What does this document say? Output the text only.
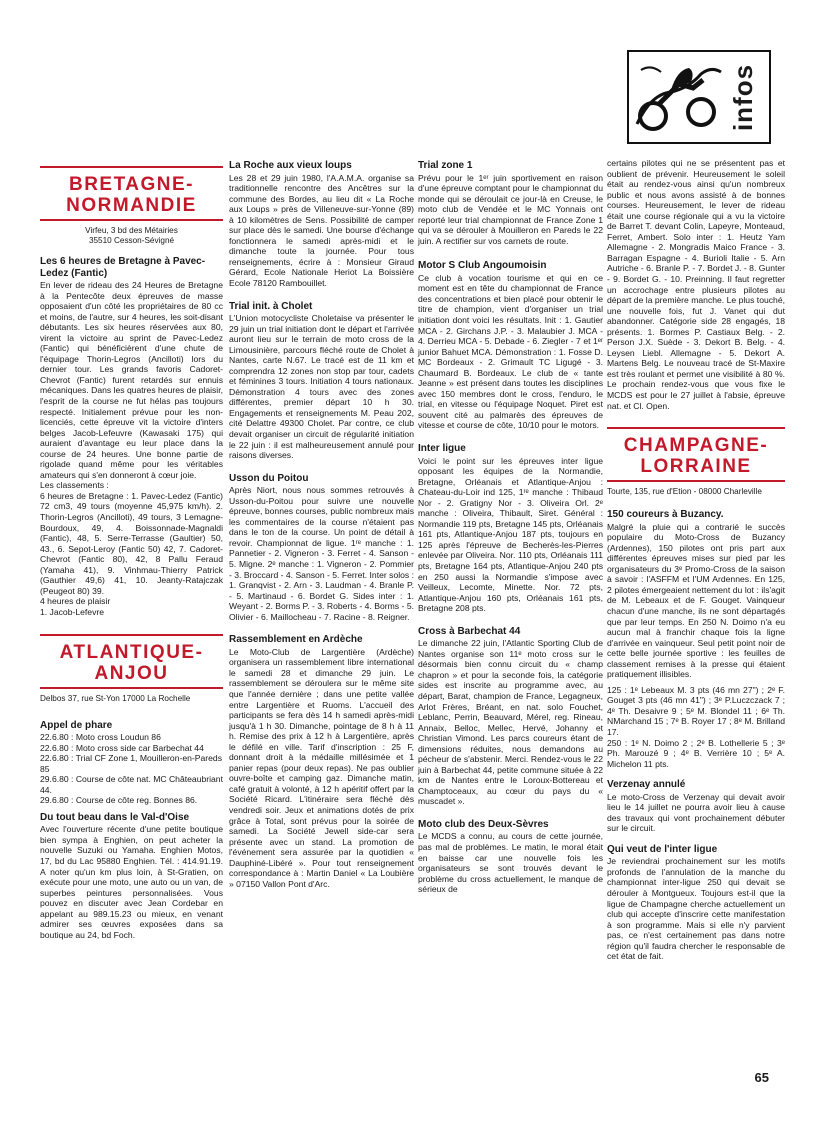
infos
BRETAGNE-
NORMANDIE
Virfeu, 3 bd des Métairies
35510 Cesson-Sévigné
Les 6 heures de Bretagne à Pavec-Ledez (Fantic)

En lever de rideau des 24 Heures de Bretagne à la Pentecôte deux épreuves de masse opposaient d'un côté les propriétaires de 80 cc et moins, de l'autre, sur 4 heures, les soit-disant débutants. Les six heures réservées aux 80, virent la victoire au sprint de Pavec-Ledez (Fantic) qui bénéficièrent d'une chute de l'équipage Thorin-Legros (Ancilloti) lors du dernier tour. Les grands favoris Cadoret-Chevrot (Fantic) furent retardés sur ennuis mécaniques. Dans les quatres heures de plaisir, l'esprit de la course ne fut hélas pas toujours respecté. Initialement prévue pour les non-licenciés, cette épreuve vit la victoire d'inters belges Jacob-Lefeuvre (Kawasaki 175) qui auraient d'avantage eu leur place dans la course de 24 heures. Une bonne partie de rigolade quand même pour les véritables amateurs qui s'en donneront à cœur joie.

Les classements :

6 heures de Bretagne : 1. Pavec-Ledez (Fantic) 72 cm3, 49 tours (moyenne 45,975 km/h). 2. Thorin-Legros (Ancilloti), 49 tours, 3 Lemagne-Bourdoux, 49, 4. Boissonnade-Magnaldi (Fantic), 48, 5. Serre-Terrasse (Gaultier) 50, 43., 6. Sepot-Leroy (Fantic 50) 42, 7. Cadoret-Chevrot (Fantic 80), 42, 8 Pallu Feraud (Yamaha 41), 9. Vinhmau-Thierry Patrick (Gauthier 49,6) 41, 10. Jeanty-Ratajczak (Peugeot 80) 39.

4 heures de plaisir
1. Jacob-Lefevre
ATLANTIQUE-
ANJOU
Delbos 37, rue St-Yon 17000 La Rochelle
Appel de phare
22.6.80 : Moto cross Loudun 86
22.6.80 : Moto cross side car Barbechat 44
22.6.80 : Trial CF Zone 1, Mouilleron-en-Pareds 85
29.6.80 : Course de côte nat. MC Châteaubriant 44.
29.6.80 : Course de côte reg. Bonnes 86.
Du tout beau dans le Val-d'Oise

Avec l'ouverture récente d'une petite boutique bien sympa à Enghien, on peut acheter la nouvelle Suzuki ou Yamaha. Enghien Motos, 17, bd du Lac 95880 Enghien. Tél. : 414.91.19. A noter qu'un km plus loin, à St-Gratien, on exécute pour une moto, une auto ou un van, de superbes peintures personnalisées. Vous pouvez en discuter avec Jean Cordebar en appelant au 989.15.23 ou mieux, en venant admirer ses œuvres exposées dans sa boutique au 24, bd Foch.

La Roche aux vieux loups

Les 28 et 29 juin 1980, l'A.A.M.A. organise sa traditionnelle rencontre des Ancêtres sur la commune des Bordes, au lieu dit « La Roche aux Loups » près de Villeneuve-sur-Yonne (89) à 10 kilomètres de Sens. Possibilité de camper sur place dès le samedi. Une bourse d'échange fonctionnera le samedi après-midi et le dimanche toute la journée. Pour tous renseignements, écrire à : Monsieur Giraud Gérard, Ecole Nationale Heriot La Boissière Ecole 78120 Rambouillet.

Trial init. à Cholet

L'Union motocycliste Choletaise va présenter le 29 juin un trial initiation dont le départ et l'arrivée auront lieu sur le terrain de moto cross de la Limousinière, parcours fléché route de Cholet à Nantes, carte N.67. Le tracé est de 11 km et comprendra 12 zones non stop par tour, cadets et féminines 3 tours. Initiation 4 tours nationaux. Démonstration 4 tours avec des zones différentes, premier départ 10 h 30. Engagements et renseignements M. Peau 202, cité Delattre 49300 Cholet. Par contre, ce club devait organiser un circuit de régularité initiation le 22 juin : il est malheureusement annulé pour raisons diverses.

Usson du Poitou

Après Niort, nous nous sommes retrouvés à Usson-du-Poitou pour suivre une nouvelle épreuve, bonnes courses, public nombreux mais les commentaires de la course n'étaient pas dans le ton de la course. Un point de détail à revoir. Championnat de ligue. 1ʳᵉ manche : 1. Pannetier - 2. Vigneron - 3. Ferret - 4. Sanson - 5. Migne. 2ᵉ manche : 1. Vigneron - 2. Pommier - 3. Broccard - 4. Sanson - 5. Ferret. Inter solos : 1. Granqvist - 2. Arn - 3. Laudman - 4. Branle P. - 5. Martinaud - 6. Bordet G. Sides inter : 1. Weyant - 2. Borms P. - 3. Roberts - 4. Borms - 5. Olivier - 6. Maillocheau - 7. Racine - 8. Reigner.

Rassemblement en Ardèche

Le Moto-Club de Largentière (Ardèche) organisera un rassemblement libre international le samedi 28 et dimanche 29 juin. Le rassemblement se déroulera sur le même site que l'année dernière ; dans une petite vallée entre Largentière et Ruoms. L'accueil des participants se fera dès 14 h samedi après-midi jusqu'à 1 h 30. Dimanche, pointage de 8 h à 11 h. Remise des prix à 12 h à Largentière, après le défilé en ville. Tarif d'inscription : 25 F, donnant droit à la médaille millésimée et 1 panier repas (pour deux repas). Ne pas oublier ouvre-boîte et camping gaz. Dimanche matin, café gratuit à volonté, à 12 h apéritif offert par la Société Ricard. L'itinéraire sera fléché dès vendredi soir. Jeux et animations dotés de prix grâce à Total, sont prévus pour la soirée de samedi. La Société Jewell side-car sera présente avec un stand. La promotion de l'événement sera assurée par la quotidien « Dauphiné-Libéré ». Pour tout renseignement correspondance à : Martin Daniel « La Loubière » 07150 Vallon Pont d'Arc.

Trial zone 1

Prévu pour le 1ᵉʳ juin sportivement en raison d'une épreuve comptant pour le championnat du monde qui se déroulait ce jour-là en Creuse, le moto club de Vendée et le MC Yonnais ont reporté leur trial championnat de France Zone 1 qui va se dérouler à Mouilleron en Pareds le 22 juin. A rectifier sur vos carnets de route.

Motor S Club Angoumoisin

Ce club à vocation tourisme et qui en ce moment est en tête du championnat de France des concentrations et bien placé pour obtenir le titre de champion, vient d'organiser un trial initiation dont voici les résultats. Init : 1. Gautier MCA - 2. Girchans J.P. - 3. Malaubier J. MCA - 4. Derrieu MCA - 5. Debade - 6. Ziegler - 7 et 1ᵉʳ junior Bahuet MCA. Démonstration : 1. Fosse D. MC Bordeaux - 2. Grimault TC Ligugé - 3. Chaumard B. Bordeaux. Le club de « tante Jeanne » est présent dans toutes les disciplines avec 150 membres dont le cross, l'enduro, le trial, en vitesse ou l'équipage Noquet. Piret est souvent cité au palmarès des épreuves de vitesse et course de côte, 10/10 pour le motors.

Inter ligue

Voici le point sur les épreuves inter ligue opposant les équipes de la Normandie, Bretagne, Orléanais et Atlantique-Anjou : Chateau-du-Loir ind 125, 1ʳᵉ manche : Thibaud Nor - 2. Gratigny Nor - 3. Oliveira Orl. 2ᵉ manche : Oliveira, Thibault, Siret. Général : Normandie 119 pts, Bretagne 145 pts, Orléanais 161 pts, Atlantique-Anjou 187 pts, toujours en 125 après l'épreuve de Becherès-les-Pierres enlevée par Oliveira. Nor. 110 pts, Orléanais 111 pts, Bretagne 164 pts, Atlantique-Anjou 240 pts en 250 aussi la Normandie s'impose avec Veilleux, Lecomte, Minette. Nor. 72 pts, Atlantique-Anjou 160 pts, Orléanais 161 pts, Bretagne 208 pts.

Cross à Barbechat 44

Le dimanche 22 juin, l'Atlantic Sporting Club de Nantes organise son 11ᵉ moto cross sur le désormais bien connu circuit du « champ chapron » et pour la seconde fois, la catégorie sides est inscrite au programme avec, au départ, Barat, champion de France, Legagneux, Arlot Frères, Bréant, en nat. solo Fouchet, Leblanc, Perrin, Beauvard, Mérel, reg. Rineau, Annaix, Belloc, Mellec, Hervé, Johanny et Christian Vimond. Les parcs coureurs étant de dimensions réduites, nous demandons au pécheur de s'abstenir. Merci. Rendez-vous le 22 juin à Barbechat 44, petite commune située à 22 km de Nantes entre le Loroux-Bottereau et Champtoceaux, au cœur du pays du « muscadet ».

Moto club des Deux-Sèvres

Le MCDS a connu, au cours de cette journée, pas mal de problèmes. Le matin, le moral était en baisse car une nouvelle fois les organisateurs se sont trouvés devant le problème du cross actuellement, le manque de sérieux de

certains pilotes qui ne se présentent pas et oublient de prévenir. Heureusement le soleil était au rendez-vous ainsi qu'un nombreux public et nous avons assisté à de bonnes courses. Heureusement, le lever de rideau était une course régionale qui a vu la victoire de Barret T. devant Colin, Lapeyre, Monteaud, Ferret, Ambert. Solo inter : 1. Heutz Yam Allemagne - 2. Mongradis Maico France - 3. Barragan Espagne - 4. Burioli Italie - 5. Arn Autriche - 6. Branle P. - 7. Bordet J. - 8. Gunter - 9. Bordet G. - 10. Preinning. Il faut regretter un accrochage entre plusieurs pilotes au départ de la première manche. Le plus touché, une nouvelle fois, fut J. Vanet qui dut abandonner. Catégorie side 28 engagés, 18 présents. 1. Bormes P. Castiaux Belg. - 2. Person J.X. Suède - 3. Dekort B. Belg. - 4. Leysen Liebl. Allemagne - 5. Dekort A. Martens Belg. Le nouveau tracé de St-Maxire est très roulant et permet une visibilité à 80 %. Le prochain rendez-vous que vous fixe le MCDS est pour le 27 juillet à l'absie, épreuve nat. et Cl. Open.

CHAMPAGNE-
LORRAINE
Tourte, 135, rue d'Etion - 08000 Charleville
150 coureurs à Buzancy.

Malgré la pluie qui a contrarié le succès populaire du Moto-Cross de Buzancy (Ardennes), 150 pilotes ont pris part aux différentes épreuves mises sur pied par les organisateurs du 3ᵉ Promo-Cross de la saison à savoir : l'ASFFM et l'UM Ardennes. En 125, 2 pilotes émergeaient nettement du lot : ils'agit de M. Lebeaux et de F. Gouget. Vainqueur chacun d'une manche, ils ne sont départagés que par leur temps. En 250 N. Doimo n'a eu aucun mal à franchir chaque fois la ligne d'arrivée en vainqueur. Seul petit point noir de cette belle journée sportive : les feuilles de classement remises à la presse qui étaient pratiquement illisibles.

125 : 1ᵉ Lebeaux M. 3 pts (46 mn 27") ; 2ᵉ F. Gouget 3 pts (46 mn 41") ; 3ᵉ P.Luczczack 7 ; 4ᵉ Th. Desaivre 9 ; 5ᵉ M. Blondel 11 ; 6ᵉ Th. NMarchand 15 ; 7ᵉ B. Royer 17 ; 8ᵉ M. Brilland 17.

250 : 1ᵉ N. Doimo 2 ; 2ᵉ B. Lothellerie 5 ; 3ᵉ Ph. Marouzé 9 ; 4ᵉ B. Verrière 10 ; 5ᵉ A. Michelon 11 pts.

Verzenay annulé

Le moto-Cross de Verzenay qui devait avoir lieu le 14 juillet ne pourra avoir lieu à cause des travaux qui vont prochainement débuter sur le circuit.

Qui veut de l'inter ligue

Je reviendrai prochainement sur les motifs profonds de l'annulation de la manche du championnat inter-ligue 250 qui devait se dérouler à Montgueux. Toujours est-il que la ligue de Champagne cherche actuellement un club qui accepte d'inscrire cette manifestation à son programme. Mais si elle n'y parvient pas, ce n'est certainement pas dans notre région qu'il faudra chercher le responsable de cet état de fait.

65
